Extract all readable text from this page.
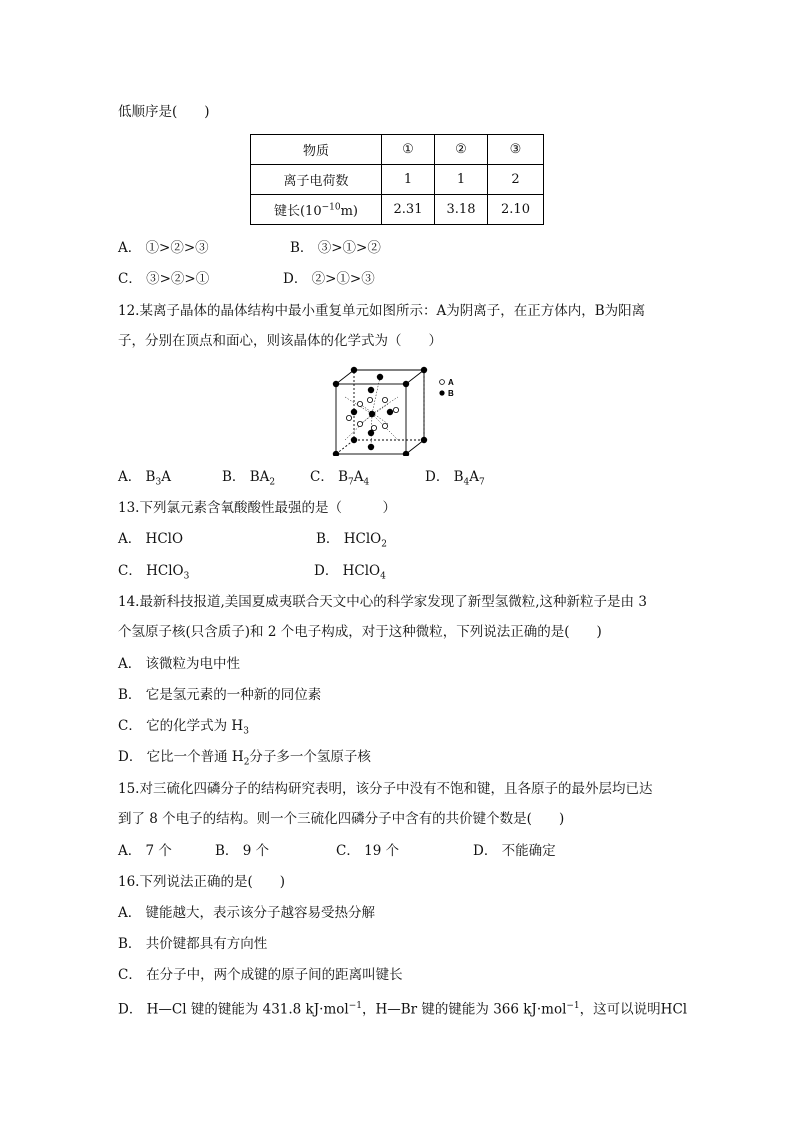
低顺序是(　　)
物质	①	②	③
离子电荷数	1	1	2
键长$(10^{-10}m)$	2.31	3.18	2.10
A． ①>②>③	B． ③>①>②
C． ③>②>①	D． ②>①>③
12.某离子晶体的晶体结构中最小重复单元如图所示：A为阴离子，在正方体内，B为阳离
子，分别在顶点和面心，则该晶体的化学式为（　　）
A
B
A． $B_3A$	B． $BA_2$	C． $B_7A_4$	D． $B_4A_7$
13.下列氯元素含氧酸酸性最强的是（　　　）
A． HClO	B． HClO$_2$
C． HClO$_3$	D． HClO$_4$
14.最新科技报道,美国夏威夷联合天文中心的科学家发现了新型氢微粒,这种新粒子是由 3
个氢原子核(只含质子)和 2 个电子构成，对于这种微粒，下列说法正确的是(　　)
A． 该微粒为电中性
B． 它是氢元素的一种新的同位素
C． 它的化学式为 $H_3$
D． 它比一个普通 $H_2$分子多一个氢原子核
15.对三硫化四磷分子的结构研究表明，该分子中没有不饱和键，且各原子的最外层均已达
到了 8 个电子的结构。则一个三硫化四磷分子中含有的共价键个数是(　　)
A． 7 个	B． 9 个	C． 19 个	D． 不能确定
16.下列说法正确的是(　　)
A． 键能越大，表示该分子越容易受热分解
B． 共价键都具有方向性
C． 在分子中，两个成键的原子间的距离叫键长
D． H—Cl 键的键能为 431.8 kJ·mol$^{-1}$，H—Br 键的键能为 366 kJ·mol$^{-1}$，这可以说明HCl
